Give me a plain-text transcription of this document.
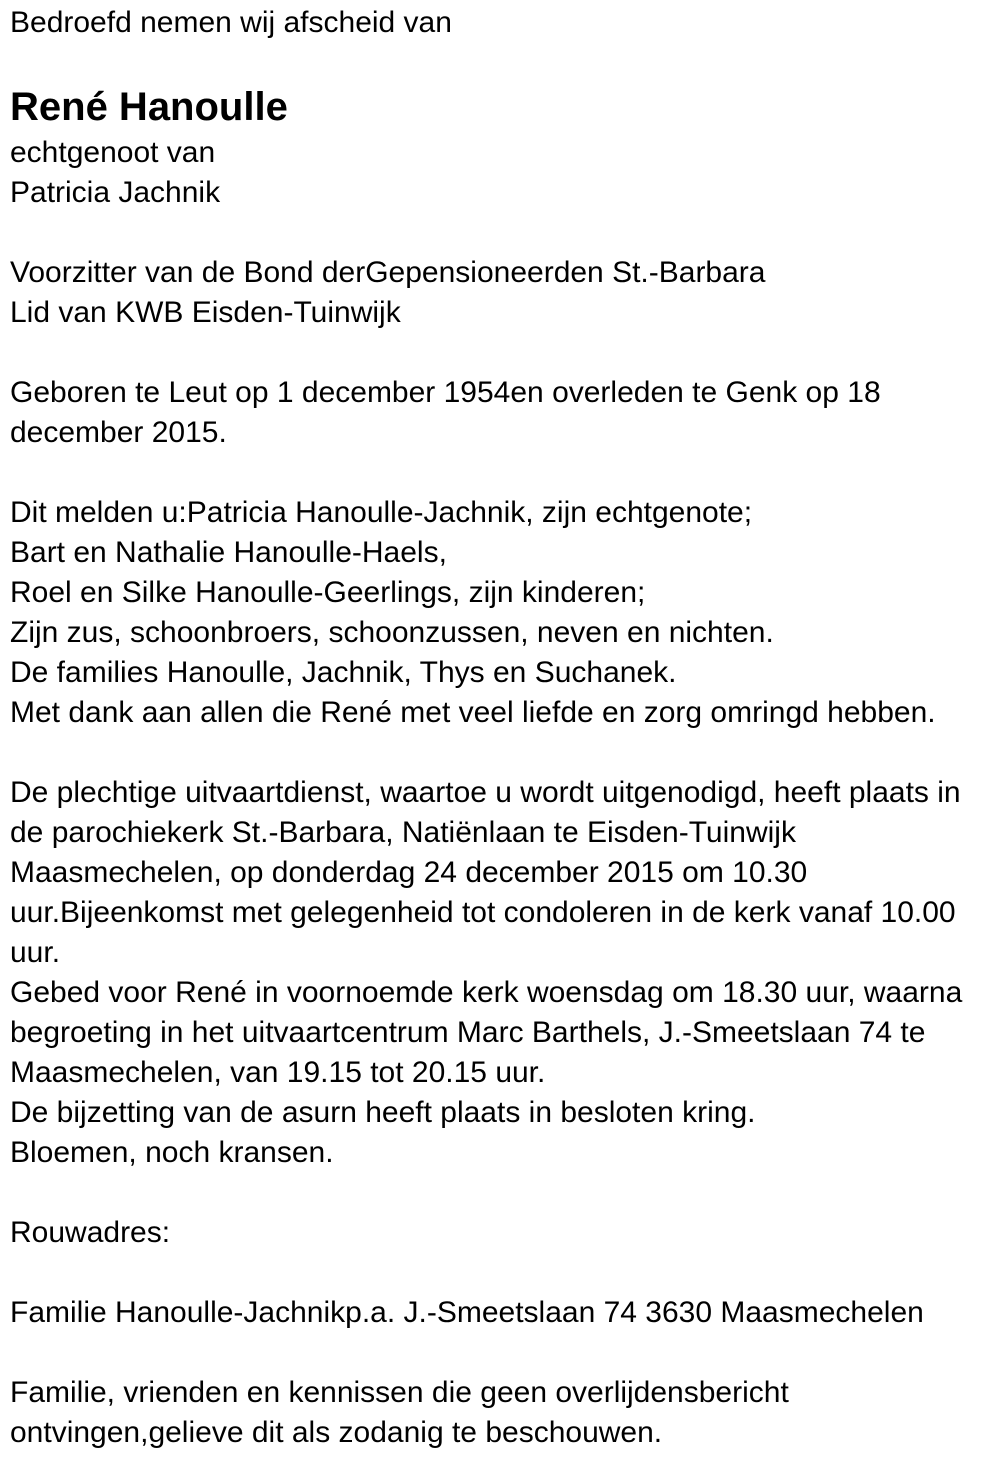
Bedroefd nemen wij afscheid van
René Hanoulle
echtgenoot van
Patricia Jachnik
Voorzitter van de Bond derGepensioneerden St.-Barbara
Lid van KWB Eisden-Tuinwijk
Geboren te Leut op 1 december 1954en overleden te Genk op 18
december 2015.
Dit melden u:Patricia Hanoulle-Jachnik, zijn echtgenote;
Bart en Nathalie Hanoulle-Haels,
Roel en Silke Hanoulle-Geerlings, zijn kinderen;
Zijn zus, schoonbroers, schoonzussen, neven en nichten.
De families Hanoulle, Jachnik, Thys en Suchanek.
Met dank aan allen die René met veel liefde en zorg omringd hebben.
De plechtige uitvaartdienst, waartoe u wordt uitgenodigd, heeft plaats in
de parochiekerk St.-Barbara, Natiënlaan te Eisden-Tuinwijk
Maasmechelen, op donderdag 24 december 2015 om 10.30
uur.Bijeenkomst met gelegenheid tot condoleren in de kerk vanaf 10.00
uur.
Gebed voor René in voornoemde kerk woensdag om 18.30 uur, waarna
begroeting in het uitvaartcentrum Marc Barthels, J.-Smeetslaan 74 te
Maasmechelen, van 19.15 tot 20.15 uur.
De bijzetting van de asurn heeft plaats in besloten kring.
Bloemen, noch kransen.
Rouwadres:
Familie Hanoulle-Jachnikp.a. J.-Smeetslaan 74 3630 Maasmechelen
Familie, vrienden en kennissen die geen overlijdensbericht
ontvingen,gelieve dit als zodanig te beschouwen.
